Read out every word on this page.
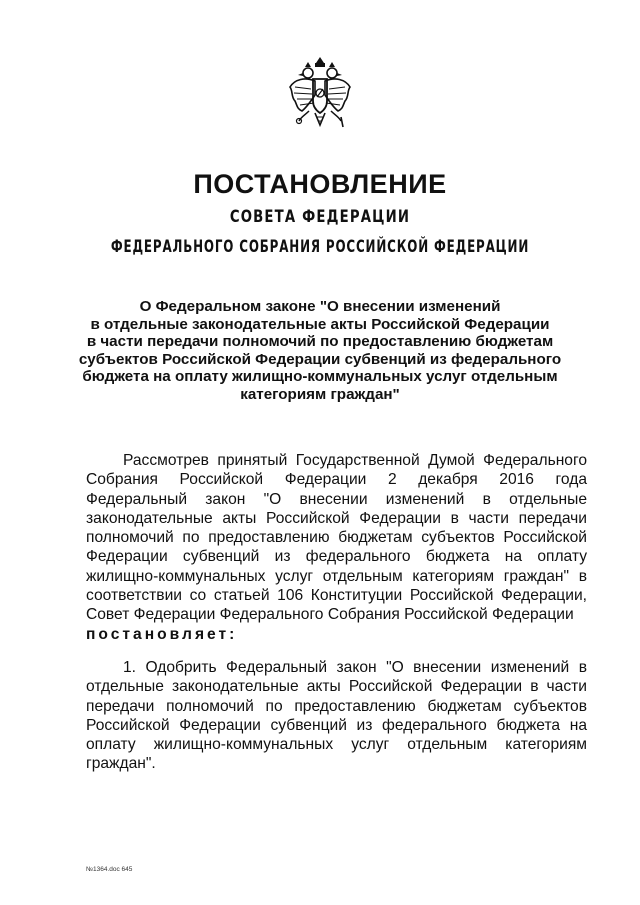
ПОСТАНОВЛЕНИЕ
СОВЕТА ФЕДЕРАЦИИ
ФЕДЕРАЛЬНОГО СОБРАНИЯ РОССИЙСКОЙ ФЕДЕРАЦИИ
О Федеральном законе "О внесении изменений
в отдельные законодательные акты Российской Федерации
в части передачи полномочий по предоставлению бюджетам
субъектов Российской Федерации субвенций из федерального
бюджета на оплату жилищно-коммунальных услуг отдельным
категориям граждан"
Рассмотрев принятый Государственной Думой Федерального
Собрания Российской Федерации 2 декабря 2016 года
Федеральный закон "О внесении изменений в отдельные
законодательные акты Российской Федерации в части передачи
полномочий по предоставлению бюджетам субъектов Российской
Федерации субвенций из федерального бюджета на оплату
жилищно-коммунальных услуг отдельным категориям граждан" в
соответствии со статьей 106 Конституции Российской Федерации,
Совет Федерации Федерального Собрания Российской Федерации
постановляет:
1. Одобрить Федеральный закон "О внесении изменений в
отдельные законодательные акты Российской Федерации в части
передачи полномочий по предоставлению бюджетам субъектов
Российской Федерации субвенций из федерального бюджета на
оплату жилищно-коммунальных услуг отдельным категориям
граждан".
№1364.doc 645
